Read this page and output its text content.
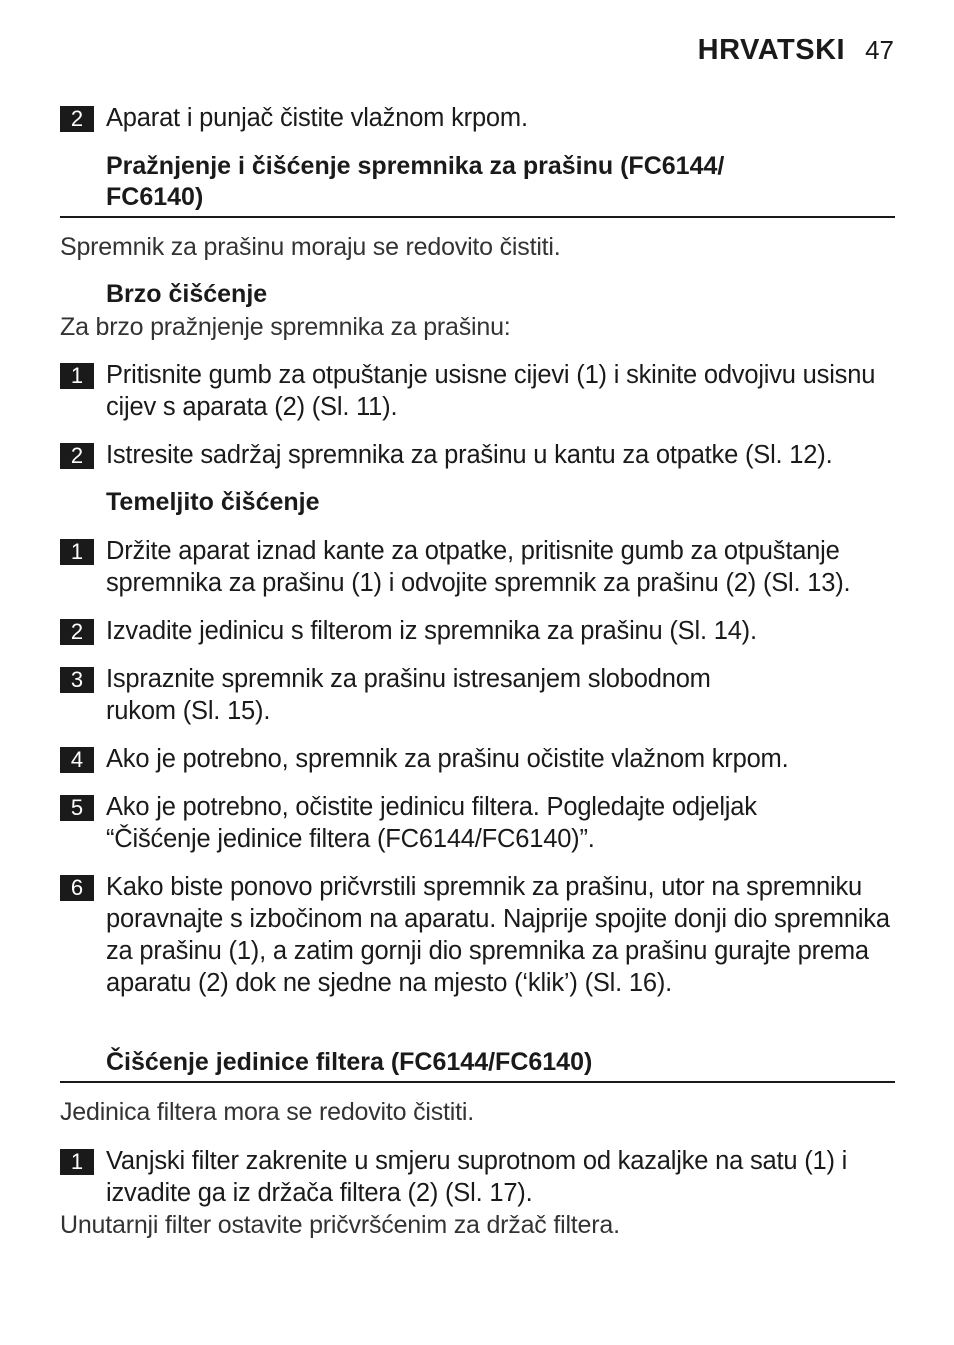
HRVATSKI 47
2 Aparat i punjač čistite vlažnom krpom.
Pražnjenje i čišćenje spremnika za prašinu (FC6144/ FC6140)
Spremnik za prašinu moraju se redovito čistiti.
Brzo čišćenje
Za brzo pražnjenje spremnika za prašinu:
1 Pritisnite gumb za otpuštanje usisne cijevi (1) i skinite odvojivu usisnu cijev s aparata (2) (Sl. 11).
2 Istresite sadržaj spremnika za prašinu u kantu za otpatke (Sl. 12).
Temeljito čišćenje
1 Držite aparat iznad kante za otpatke, pritisnite gumb za otpuštanje spremnika za prašinu (1) i odvojite spremnik za prašinu (2) (Sl. 13).
2 Izvadite jedinicu s filterom iz spremnika za prašinu (Sl. 14).
3 Ispraznite spremnik za prašinu istresanjem slobodnom rukom (Sl. 15).
4 Ako je potrebno, spremnik za prašinu očistite vlažnom krpom.
5 Ako je potrebno, očistite jedinicu filtera. Pogledajte odjeljak “Čišćenje jedinice filtera (FC6144/FC6140)”.
6 Kako biste ponovo pričvrstili spremnik za prašinu, utor na spremniku poravnajte s izbočinom na aparatu. Najprije spojite donji dio spremnika za prašinu (1), a zatim gornji dio spremnika za prašinu gurajte prema aparatu (2) dok ne sjedne na mjesto (‘klik’) (Sl. 16).
Čišćenje jedinice filtera (FC6144/FC6140)
Jedinica filtera mora se redovito čistiti.
1 Vanjski filter zakrenite u smjeru suprotnom od kazaljke na satu (1) i izvadite ga iz držača filtera (2) (Sl. 17).
Unutarnji filter ostavite pričvršćenim za držač filtera.
